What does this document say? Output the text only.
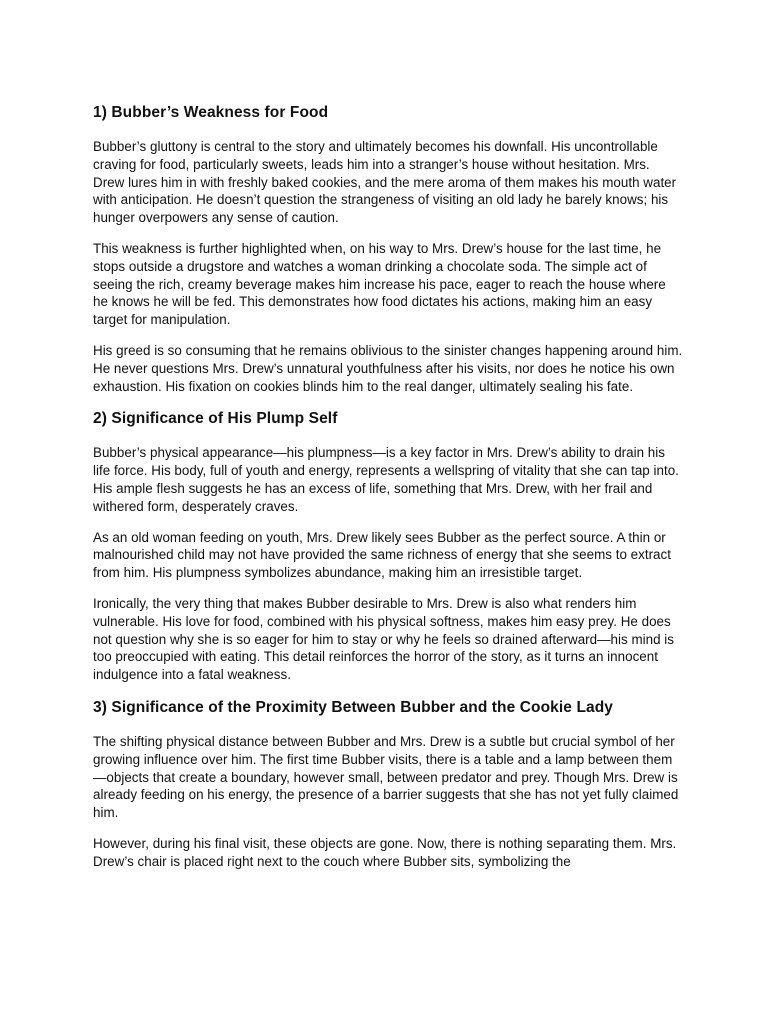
1) Bubber’s Weakness for Food

Bubber’s gluttony is central to the story and ultimately becomes his downfall. His uncontrollable craving for food, particularly sweets, leads him into a stranger’s house without hesitation. Mrs. Drew lures him in with freshly baked cookies, and the mere aroma of them makes his mouth water with anticipation. He doesn’t question the strangeness of visiting an old lady he barely knows; his hunger overpowers any sense of caution.

This weakness is further highlighted when, on his way to Mrs. Drew’s house for the last time, he stops outside a drugstore and watches a woman drinking a chocolate soda. The simple act of seeing the rich, creamy beverage makes him increase his pace, eager to reach the house where he knows he will be fed. This demonstrates how food dictates his actions, making him an easy target for manipulation.

His greed is so consuming that he remains oblivious to the sinister changes happening around him. He never questions Mrs. Drew’s unnatural youthfulness after his visits, nor does he notice his own exhaustion. His fixation on cookies blinds him to the real danger, ultimately sealing his fate.

2) Significance of His Plump Self

Bubber’s physical appearance—his plumpness—is a key factor in Mrs. Drew’s ability to drain his life force. His body, full of youth and energy, represents a wellspring of vitality that she can tap into. His ample flesh suggests he has an excess of life, something that Mrs. Drew, with her frail and withered form, desperately craves.

As an old woman feeding on youth, Mrs. Drew likely sees Bubber as the perfect source. A thin or malnourished child may not have provided the same richness of energy that she seems to extract from him. His plumpness symbolizes abundance, making him an irresistible target.

Ironically, the very thing that makes Bubber desirable to Mrs. Drew is also what renders him vulnerable. His love for food, combined with his physical softness, makes him easy prey. He does not question why she is so eager for him to stay or why he feels so drained afterward—his mind is too preoccupied with eating. This detail reinforces the horror of the story, as it turns an innocent indulgence into a fatal weakness.

3) Significance of the Proximity Between Bubber and the Cookie Lady

The shifting physical distance between Bubber and Mrs. Drew is a subtle but crucial symbol of her growing influence over him. The first time Bubber visits, there is a table and a lamp between them—objects that create a boundary, however small, between predator and prey. Though Mrs. Drew is already feeding on his energy, the presence of a barrier suggests that she has not yet fully claimed him.

However, during his final visit, these objects are gone. Now, there is nothing separating them. Mrs. Drew’s chair is placed right next to the couch where Bubber sits, symbolizing the
